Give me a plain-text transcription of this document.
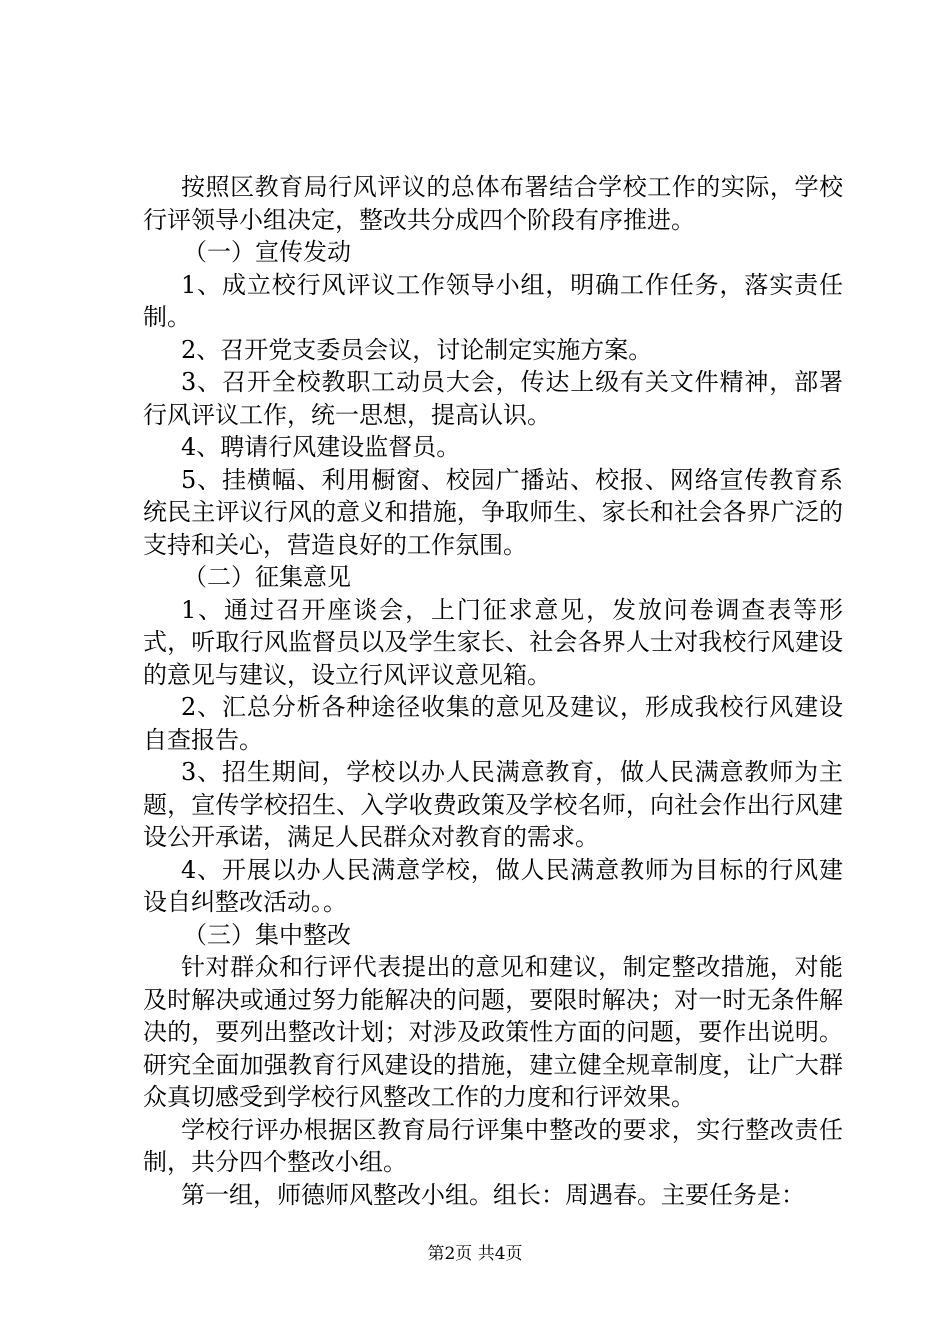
按照区教育局行风评议的总体布署结合学校工作的实际，学校行评领导小组决定，整改共分成四个阶段有序推进。

（一）宣传发动

1、成立校行风评议工作领导小组，明确工作任务，落实责任制。

2、召开党支委员会议，讨论制定实施方案。

3、召开全校教职工动员大会，传达上级有关文件精神，部署行风评议工作，统一思想，提高认识。

4、聘请行风建设监督员。

5、挂横幅、利用橱窗、校园广播站、校报、网络宣传教育系统民主评议行风的意义和措施，争取师生、家长和社会各界广泛的支持和关心，营造良好的工作氛围。

（二）征集意见

1、通过召开座谈会，上门征求意见，发放问卷调查表等形式，听取行风监督员以及学生家长、社会各界人士对我校行风建设的意见与建议，设立行风评议意见箱。

2、汇总分析各种途径收集的意见及建议，形成我校行风建设自查报告。

3、招生期间，学校以办人民满意教育，做人民满意教师为主题，宣传学校招生、入学收费政策及学校名师，向社会作出行风建设公开承诺，满足人民群众对教育的需求。

4、开展以办人民满意学校，做人民满意教师为目标的行风建设自纠整改活动。。

（三）集中整改

针对群众和行评代表提出的意见和建议，制定整改措施，对能及时解决或通过努力能解决的问题，要限时解决；对一时无条件解决的，要列出整改计划；对涉及政策性方面的问题，要作出说明。研究全面加强教育行风建设的措施，建立健全规章制度，让广大群众真切感受到学校行风整改工作的力度和行评效果。

学校行评办根据区教育局行评集中整改的要求，实行整改责任制，共分四个整改小组。

第一组，师德师风整改小组。组长：周遇春。主要任务是：

第2页 共4页
